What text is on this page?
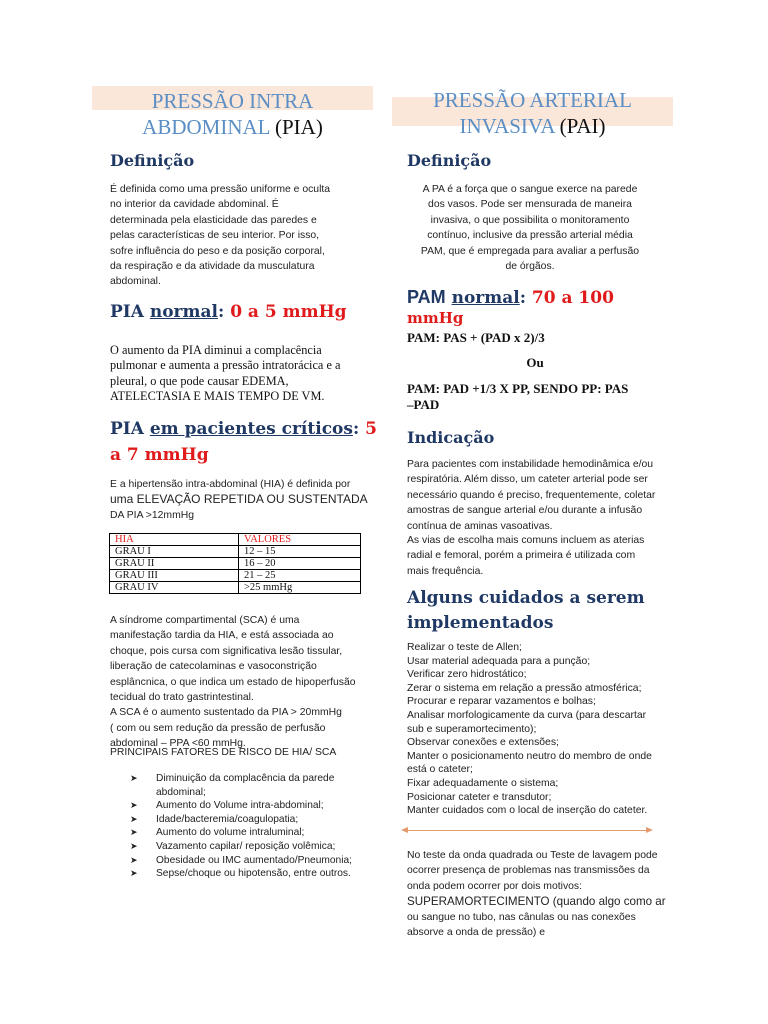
PRESSÃO INTRA
ABDOMINAL (PIA)
Definição
É definida como uma pressão uniforme e oculta
no interior da cavidade abdominal. É
determinada pela elasticidade das paredes e
pelas características de seu interior. Por isso,
sofre influência do peso e da posição corporal,
da respiração e da atividade da musculatura
abdominal.
PIA normal: 0 a 5 mmHg
O aumento da PIA diminui a complacência
pulmonar e aumenta a pressão intratorácica e a
pleural, o que pode causar EDEMA,
ATELECTASIA E MAIS TEMPO DE VM.
PIA em pacientes críticos: 5
a 7 mmHg
E a hipertensão intra-abdominal (HIA) é definida por
uma ELEVAÇÃO REPETIDA OU SUSTENTADA
DA PIA >12mmHg
HIA	VALORES
GRAU I	12 – 15
GRAU II	16 – 20
GRAU III	21 – 25
GRAU IV	>25 mmHg
A síndrome compartimental (SCA) é uma
manifestação tardia da HIA, e está associada ao
choque, pois cursa com significativa lesão tissular,
liberação de catecolaminas e vasoconstrição
esplâncnica, o que indica um estado de hipoperfusão
tecidual do trato gastrintestinal.
A SCA é o aumento sustentado da PIA > 20mmHg
( com ou sem redução da pressão de perfusão
abdominal – PPA <60 mmHg.
PRINCIPAIS FATORES DE RISCO DE HIA/ SCA
➤ Diminuição da complacência da parede abdominal;
➤ Aumento do Volume intra-abdominal;
➤ Idade/bacteremia/coagulopatia;
➤ Aumento do volume intraluminal;
➤ Vazamento capilar/ reposição volêmica;
➤ Obesidade ou IMC aumentado/Pneumonia;
➤ Sepse/choque ou hipotensão, entre outros.
PRESSÃO ARTERIAL
INVASIVA (PAI)
Definição
A PA é a força que o sangue exerce na parede
dos vasos. Pode ser mensurada de maneira
invasiva, o que possibilita o monitoramento
contínuo, inclusive da pressão arterial média
PAM, que é empregada para avaliar a perfusão
de órgãos.
PAM normal: 70 a 100
mmHg
PAM: PAS + (PAD x 2)/3
Ou
PAM: PAD +1/3 X PP, SENDO PP: PAS
–PAD
Indicação
Para pacientes com instabilidade hemodinâmica e/ou
respiratória. Além disso, um cateter arterial pode ser
necessário quando é preciso, frequentemente, coletar
amostras de sangue arterial e/ou durante a infusão
contínua de aminas vasoativas.
As vias de escolha mais comuns incluem as aterias
radial e femoral, porém a primeira é utilizada com
mais frequência.
Alguns cuidados a serem
implementados
Realizar o teste de Allen;
Usar material adequada para a punção;
Verificar zero hidrostático;
Zerar o sistema em relação a pressão atmosférica;
Procurar e reparar vazamentos e bolhas;
Analisar morfologicamente da curva (para descartar
sub e superamortecimento);
Observar conexões e extensões;
Manter o posicionamento neutro do membro de onde
está o cateter;
Fixar adequadamente o sistema;
Posicionar cateter e transdutor;
Manter cuidados com o local de inserção do cateter.
No teste da onda quadrada ou Teste de lavagem pode
ocorrer presença de problemas nas transmissões da
onda podem ocorrer por dois motivos:
SUPERAMORTECIMENTO (quando algo como ar
ou sangue no tubo, nas cânulas ou nas conexões
absorve a onda de pressão) e
